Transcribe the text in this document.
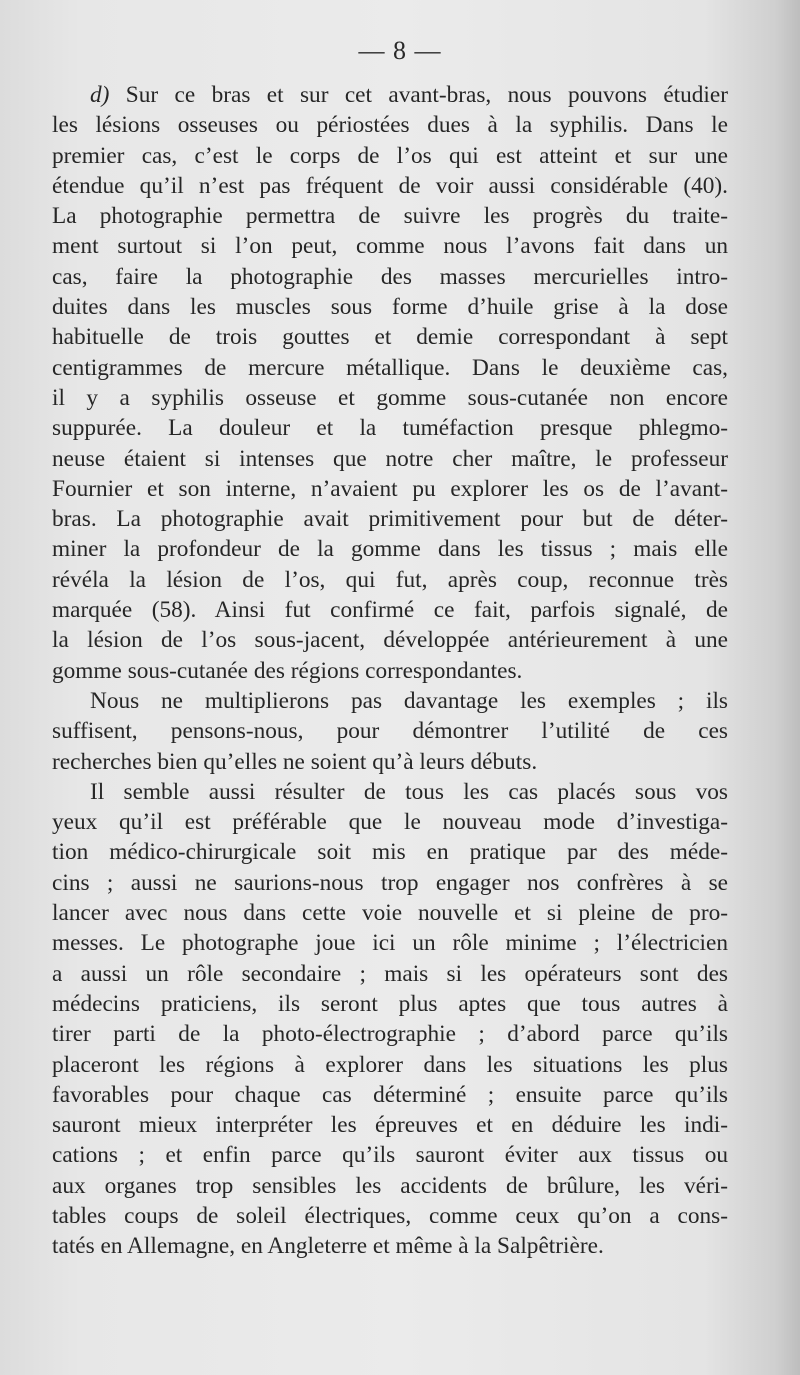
— 8 —
d) Sur ce bras et sur cet avant-bras, nous pouvons étudier
les lésions osseuses ou périostées dues à la syphilis. Dans le
premier cas, c’est le corps de l’os qui est atteint et sur une
étendue qu’il n’est pas fréquent de voir aussi considérable (40).
La photographie permettra de suivre les progrès du traite-
ment surtout si l’on peut, comme nous l’avons fait dans un
cas, faire la photographie des masses mercurielles intro-
duites dans les muscles sous forme d’huile grise à la dose
habituelle de trois gouttes et demie correspondant à sept
centigrammes de mercure métallique. Dans le deuxième cas,
il y a syphilis osseuse et gomme sous-cutanée non encore
suppurée. La douleur et la tuméfaction presque phlegmo-
neuse étaient si intenses que notre cher maître, le professeur
Fournier et son interne, n’avaient pu explorer les os de l’avant-
bras. La photographie avait primitivement pour but de déter-
miner la profondeur de la gomme dans les tissus ; mais elle
révéla la lésion de l’os, qui fut, après coup, reconnue très
marquée (58). Ainsi fut confirmé ce fait, parfois signalé, de
la lésion de l’os sous-jacent, développée antérieurement à une
gomme sous-cutanée des régions correspondantes.
Nous ne multiplierons pas davantage les exemples ; ils
suffisent, pensons-nous, pour démontrer l’utilité de ces
recherches bien qu’elles ne soient qu’à leurs débuts.
Il semble aussi résulter de tous les cas placés sous vos
yeux qu’il est préférable que le nouveau mode d’investiga-
tion médico-chirurgicale soit mis en pratique par des méde-
cins ; aussi ne saurions-nous trop engager nos confrères à se
lancer avec nous dans cette voie nouvelle et si pleine de pro-
messes. Le photographe joue ici un rôle minime ; l’électricien
a aussi un rôle secondaire ; mais si les opérateurs sont des
médecins praticiens, ils seront plus aptes que tous autres à
tirer parti de la photo-électrographie ; d’abord parce qu’ils
placeront les régions à explorer dans les situations les plus
favorables pour chaque cas déterminé ; ensuite parce qu’ils
sauront mieux interpréter les épreuves et en déduire les indi-
cations ; et enfin parce qu’ils sauront éviter aux tissus ou
aux organes trop sensibles les accidents de brûlure, les véri-
tables coups de soleil électriques, comme ceux qu’on a cons-
tatés en Allemagne, en Angleterre et même à la Salpêtrière.
